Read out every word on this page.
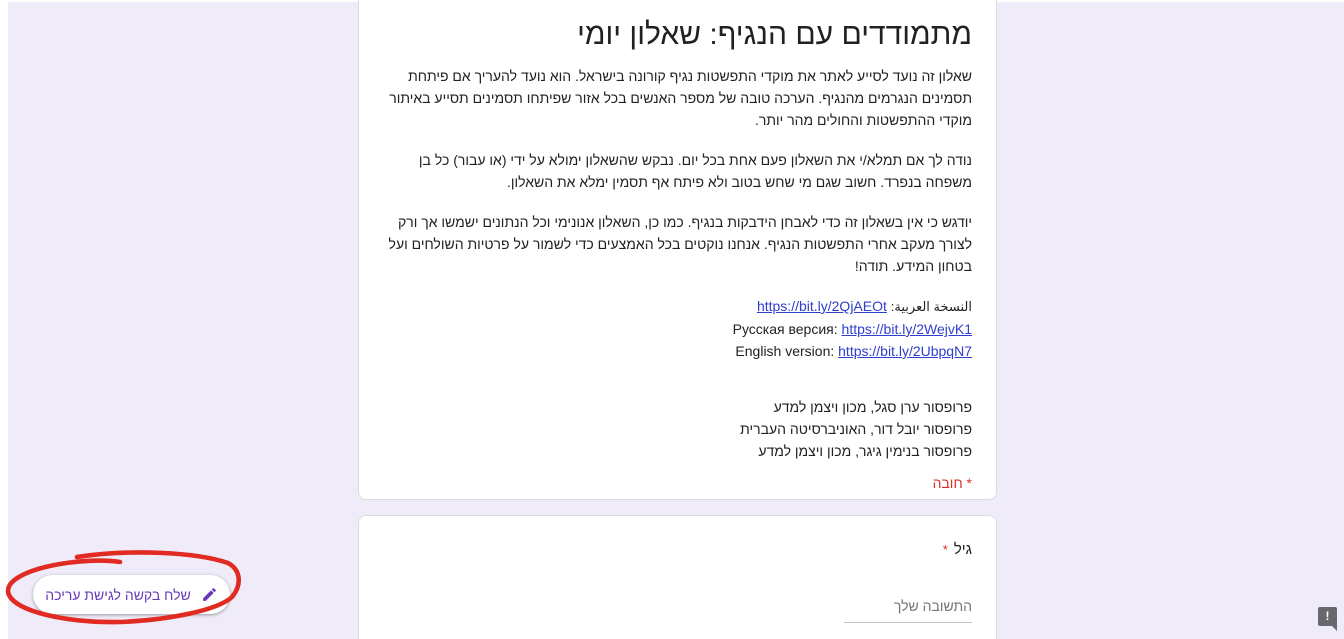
מתמודדים עם הנגיף: שאלון יומי

שאלון זה נועד לסייע לאתר את מוקדי התפשטות נגיף קורונה בישראל. הוא נועד להעריך אם פיתחת תסמינים הנגרמים מהנגיף. הערכה טובה של מספר האנשים בכל אזור שפיתחו תסמינים תסייע באיתור מוקדי ההתפשטות והחולים מהר יותר.

נודה לך אם תמלא/י את השאלון פעם אחת בכל יום. נבקש שהשאלון ימולא על ידי (או עבור) כל בן משפחה בנפרד. חשוב שגם מי שחש בטוב ולא פיתח אף תסמין ימלא את השאלון.

יודגש כי אין בשאלון זה כדי לאבחן הידבקות בנגיף. כמו כן, השאלון אנונימי וכל הנתונים ישמשו אך ורק לצורך מעקב אחרי התפשטות הנגיף. אנחנו נוקטים בכל האמצעים כדי לשמור על פרטיות השולחים ועל בטחון המידע. תודה!

النسخة العربية: https://bit.ly/2QjAEOt
Русская версия: https://bit.ly/2WejvK1
English version: https://bit.ly/2UbpqN7
פרופסור ערן סגל, מכון ויצמן למדע
פרופסור יובל דור, האוניברסיטה העברית
פרופסור בנימין גיגר, מכון ויצמן למדע
* חובה
גיל*
התשובה שלך
שלח בקשה לגישת עריכה
!
